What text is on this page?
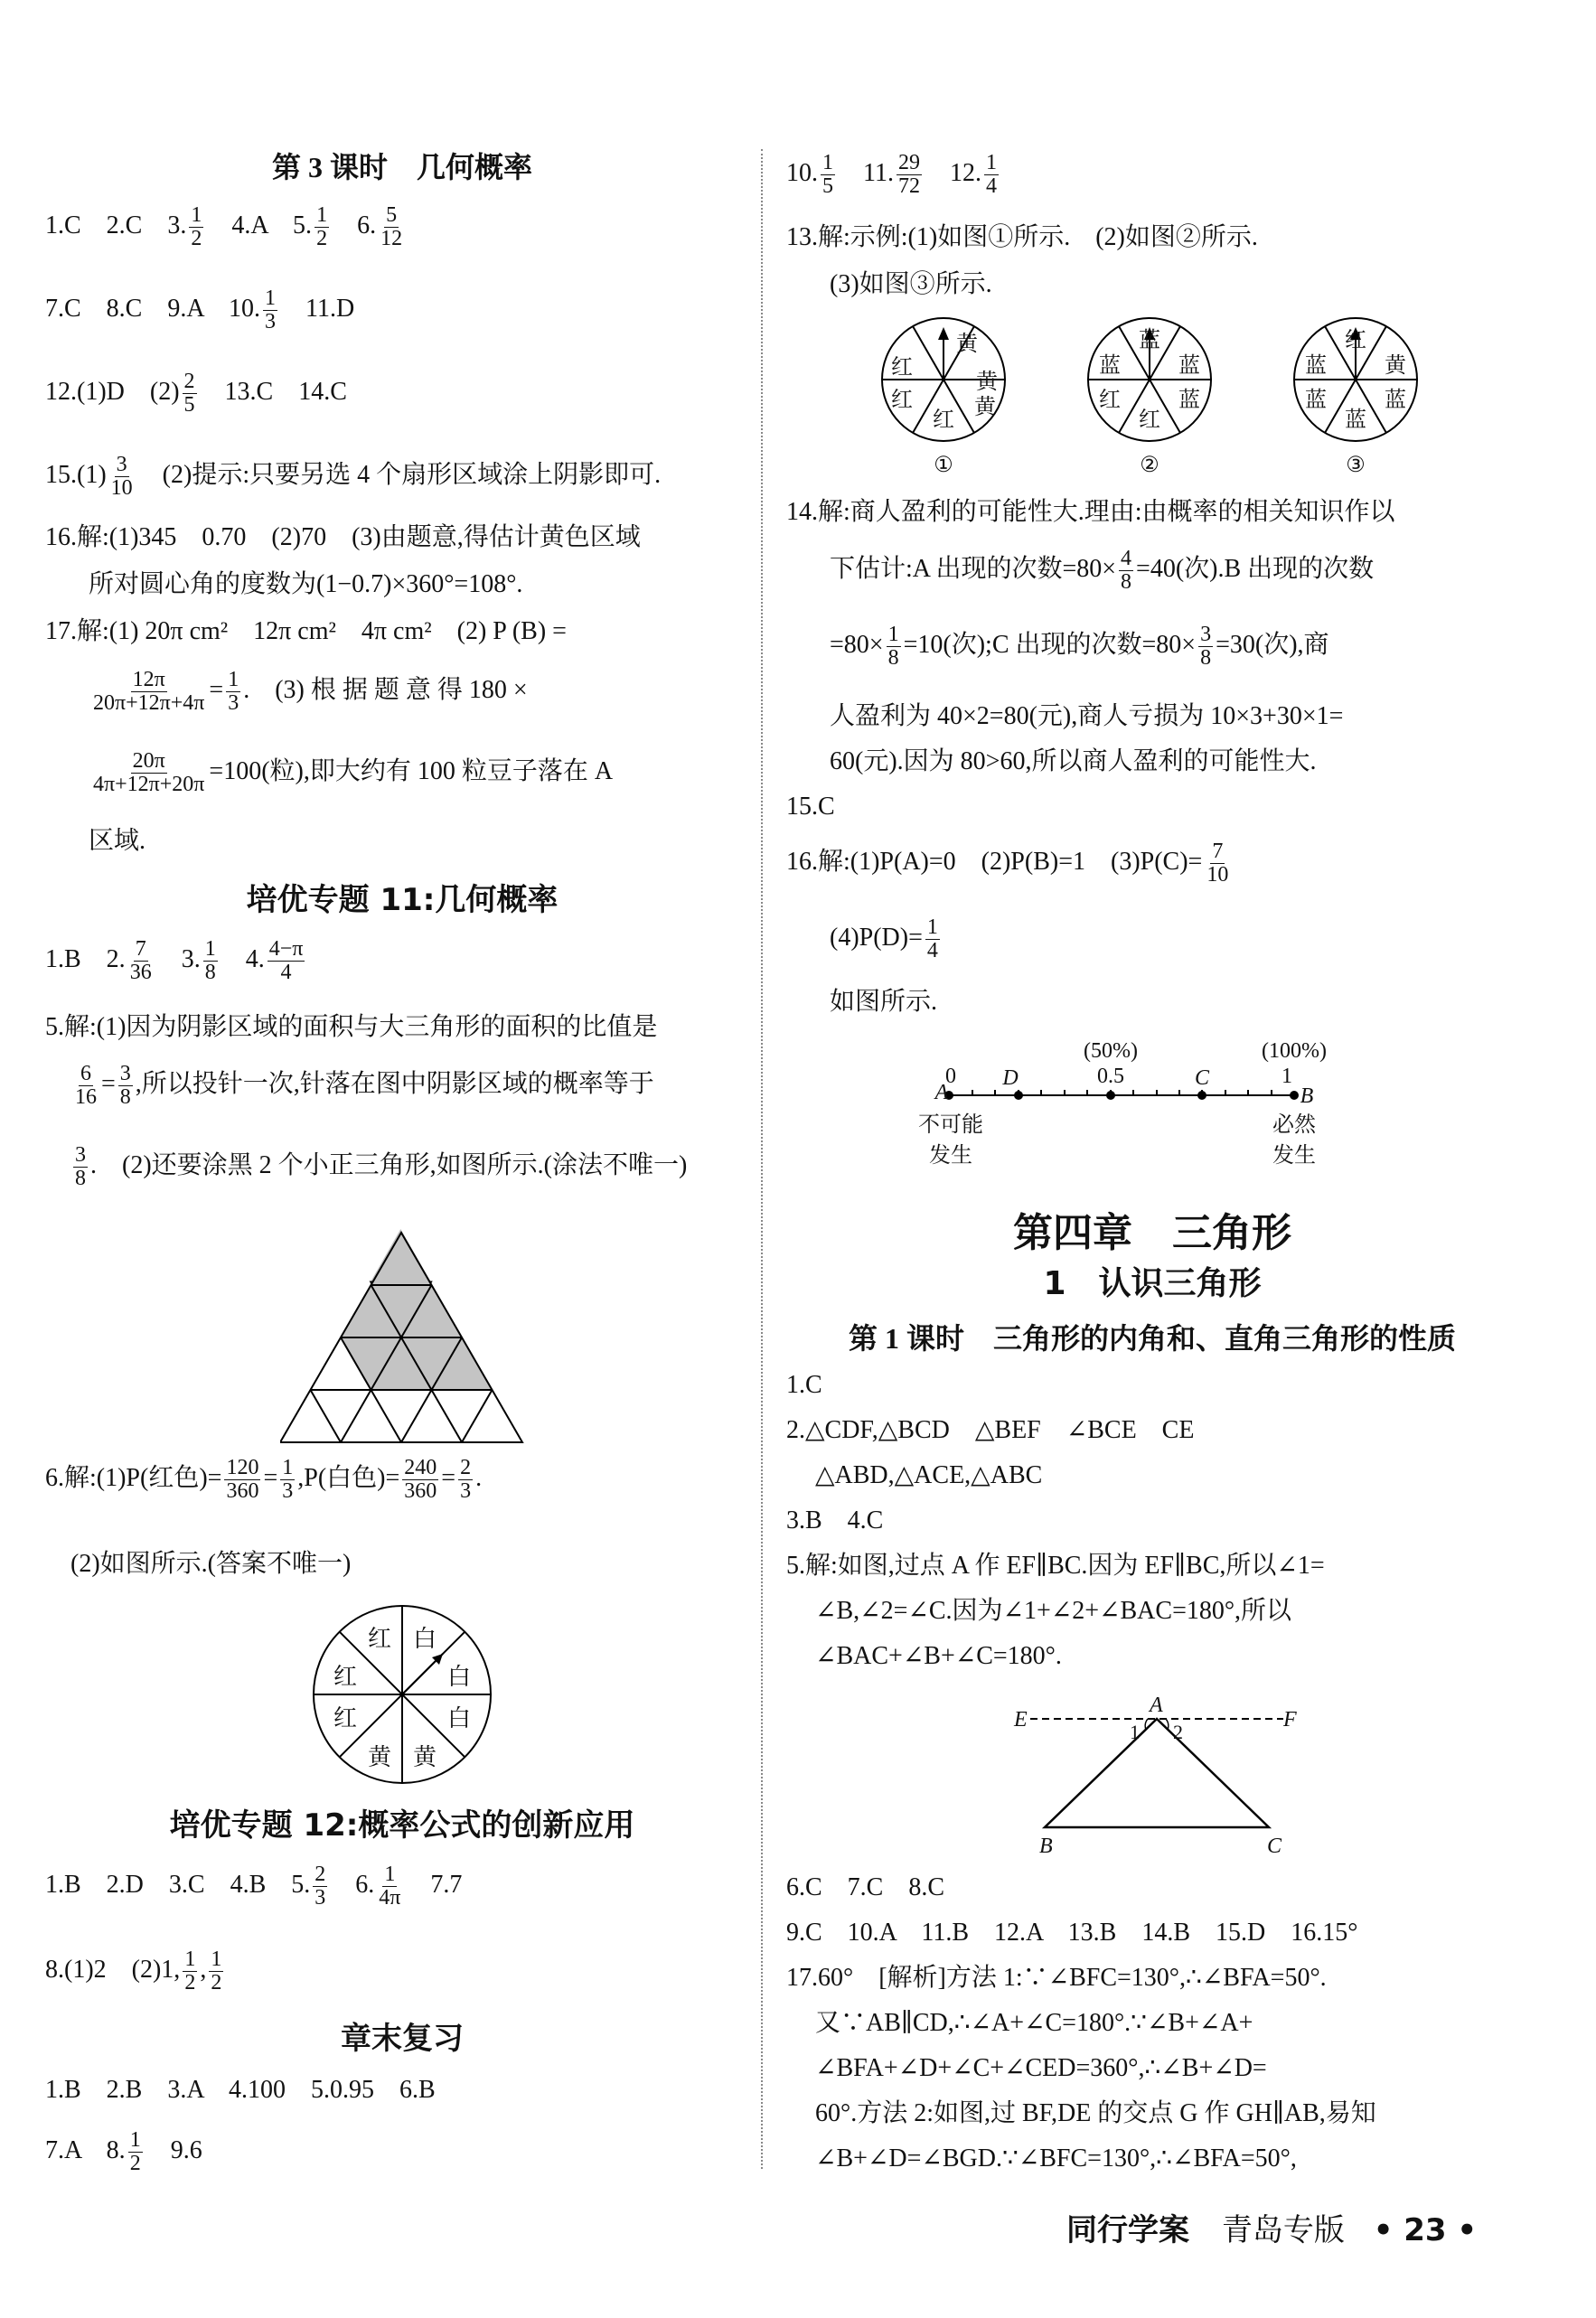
第 3 课时　几何概率
1.C　2.C　3. $\frac{1}{2}$
　 4.A　5. $\frac{1}{2}$
　 6. $\frac{5}{12}$
7.C　8.C　9.A　10. $\frac{1}{3}$
　 11.D
12.(1)D　$(2) \frac{2}{5}$
　 13.C　14.C
$15.(1) \frac{3}{10}$
　 (2)提示:只要另选 4 个扇形区域涂上阴影即可.
16.解:(1)345　0.70　(2)70　(3)由题意,得估计黄色区域
所对圆心角的度数为(1−0.7)×360°=108°.
17.解:(1) 20π cm²　12π cm²　4π cm²　(2) P (B) =
$\frac{12\pi}{20\pi+12\pi+4\pi} = \frac{1}{3}$ .　(3) 根 据 题 意 得 180 ×
$\frac{20\pi}{4\pi+12\pi+20\pi} =100$(粒),即大约有 100 粒豆子落在 A
区域.
培优专题 11:几何概率
1.B　2. $\frac{7}{36}$
　 3. $\frac{1}{8}$
　 4. $\frac{4-\pi}{4}$
5.解:(1)因为阴影区域的面积与大三角形的面积的比值是
$\frac{6}{16} = \frac{3}{8}$ ,所以投针一次,针落在图中阴影区域的概率等于
$\frac{3}{8}$ .　(2)还要涂黑 2 个小正三角形,如图所示.(涂法不唯一)
6.解:(1)P(红色)= $\frac{120}{360} = \frac{1}{3} ,P$(白色)= $\frac{240}{360} = \frac{2}{3}$ .
(2)如图所示.(答案不唯一)
红 白
红	白
红	白
黄 黄
培优专题 12:概率公式的创新应用
1.B　2.D　3.C　4.B　5. $\frac{2}{3}$
　 6. $\frac{1}{4\pi}$
　 7.7
8.(1)2　(2)1, $\frac{1}{2}$ , $\frac{1}{2}$
章末复习
1.B　2.B　3.A　4.100　5.0.95　6.B
7.A　8. $\frac{1}{2}$
　 9.6
10. $\frac{1}{5}$
　 11. $\frac{29}{72}$
　 12. $\frac{1}{4}$
13.解:示例:(1)如图①所示.　(2)如图②所示.
(3)如图③所示.
黄
黄
红
红
红
黄
①
蓝
蓝	蓝
红
红
蓝
②
红
黄
蓝
蓝
蓝
蓝
③
14.解:商人盈利的可能性大.理由:由概率的相关知识作以
下估计:A 出现的次数$=80\times \frac{4}{8} =40$(次).B 出现的次数
$=80\times \frac{1}{8} =10$(次);C 出现的次数$=80\times \frac{3}{8} =30$(次),商
人盈利为 40×2=80(元),商人亏损为 10×3+30×1=
60(元).因为 80>60,所以商人盈利的可能性大.
15.C
16.解:(1)P(A)=0　(2)P(B)=1　$(3)P(C)= \frac{7}{10}$
$(4)P(D)= \frac{1}{4}$
如图所示.
(50%)	(100%)
0	0.5	1
A
D	C
B
不可能
发生
必然
发生
第四章　三角形
1　认识三角形
第 1 课时　三角形的内角和、直角三角形的性质
1.C
2.△CDF,△BCD　△BEF　∠BCE　CE
△ABD,△ACE,△ABC
3.B　4.C
5.解:如图,过点 A 作 EF∥BC.因为 EF∥BC,所以∠1=
∠B,∠2=∠C.因为∠1+∠2+∠BAC=180°,所以
∠BAC+∠B+∠C=180°.
E
A
F
B	C
1 2
6.C　7.C　8.C
9.C　10.A　11.B　12.A　13.B　14.B　15.D　16.15°
17.60°　[解析]方法 1:∵∠BFC=130°,∴∠BFA=50°.
又∵AB∥CD,∴∠A+∠C=180°.∵∠B+∠A+
∠BFA+∠D+∠C+∠CED=360°,∴∠B+∠D=
60°.方法 2:如图,过 BF,DE 的交点 G 作 GH∥AB,易知
∠B+∠D=∠BGD.∵∠BFC=130°,∴∠BFA=50°,
同行学案 青岛专版 • 23 •
